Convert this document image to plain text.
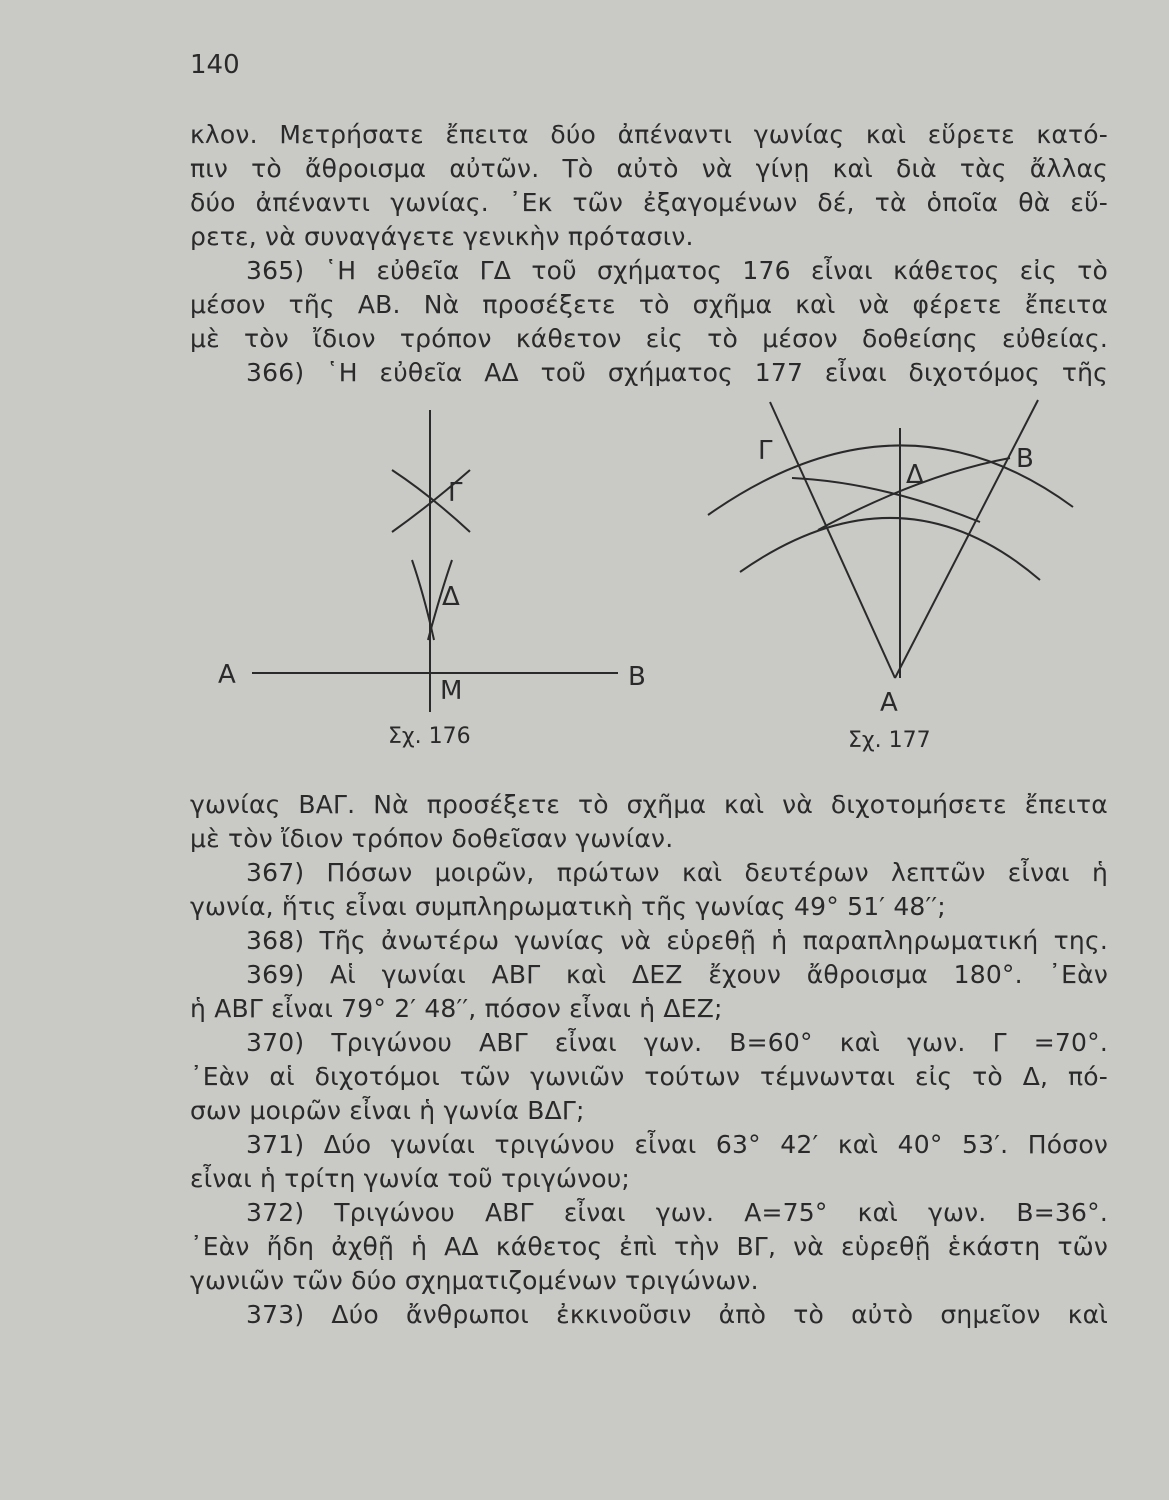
140
κλον. Μετρήσατε ἔπειτα δύο ἀπέναντι γωνίας καὶ εὕρετε κατό-
πιν τὸ ἄθροισμα αὐτῶν. Τὸ αὐτὸ νὰ γίνῃ καὶ διὰ τὰς ἄλλας
δύο ἀπέναντι γωνίας. ᾿Εκ τῶν ἐξαγομένων δέ, τὰ ὁποῖα θὰ εὕ-
ρετε, νὰ συναγάγετε γενικὴν πρότασιν.
365) ῾Η εὐθεῖα ΓΔ τοῦ σχήματος 176 εἶναι κάθετος εἰς τὸ
μέσον τῆς ΑΒ. Νὰ προσέξετε τὸ σχῆμα καὶ νὰ φέρετε ἔπειτα
μὲ τὸν ἴδιον τρόπον κάθετον εἰς τὸ μέσον δοθείσης εὐθείας.
366) ῾Η εὐθεῖα ΑΔ τοῦ σχήματος 177 εἶναι διχοτόμος τῆς
Α	Β
Μ
Γ
Δ
Σχ. 176
Α
Β
Γ
Δ
Σχ. 177
γωνίας ΒΑΓ. Νὰ προσέξετε τὸ σχῆμα καὶ νὰ διχοτομήσετε ἔπειτα
μὲ τὸν ἴδιον τρόπον δοθεῖσαν γωνίαν.
367) Πόσων μοιρῶν, πρώτων καὶ δευτέρων λεπτῶν εἶναι ἡ
γωνία, ἥτις εἶναι συμπληρωματικὴ τῆς γωνίας 49° 51′ 48′′;
368) Τῆς ἀνωτέρω γωνίας νὰ εὑρεθῇ ἡ παραπληρωματική της.
369) Αἱ γωνίαι ΑΒΓ καὶ ΔΕΖ ἔχουν ἄθροισμα 180°. ᾿Εὰν
ἡ ΑΒΓ εἶναι 79° 2′ 48′′, πόσον εἶναι ἡ ΔΕΖ;
370) Τριγώνου ΑΒΓ εἶναι γων. Β=60° καὶ γων. Γ =70°.
᾿Εὰν αἱ διχοτόμοι τῶν γωνιῶν τούτων τέμνωνται εἰς τὸ Δ, πό-
σων μοιρῶν εἶναι ἡ γωνία ΒΔΓ;
371) Δύο γωνίαι τριγώνου εἶναι 63° 42′ καὶ 40° 53′. Πόσον
εἶναι ἡ τρίτη γωνία τοῦ τριγώνου;
372) Τριγώνου ΑΒΓ εἶναι γων. Α=75° καὶ γων. Β=36°.
᾿Εὰν ἤδη ἀχθῇ ἡ ΑΔ κάθετος ἐπὶ τὴν ΒΓ, νὰ εὑρεθῇ ἑκάστη τῶν
γωνιῶν τῶν δύο σχηματιζομένων τριγώνων.
373) Δύο ἄνθρωποι ἐκκινοῦσιν ἀπὸ τὸ αὐτὸ σημεῖον καὶ
